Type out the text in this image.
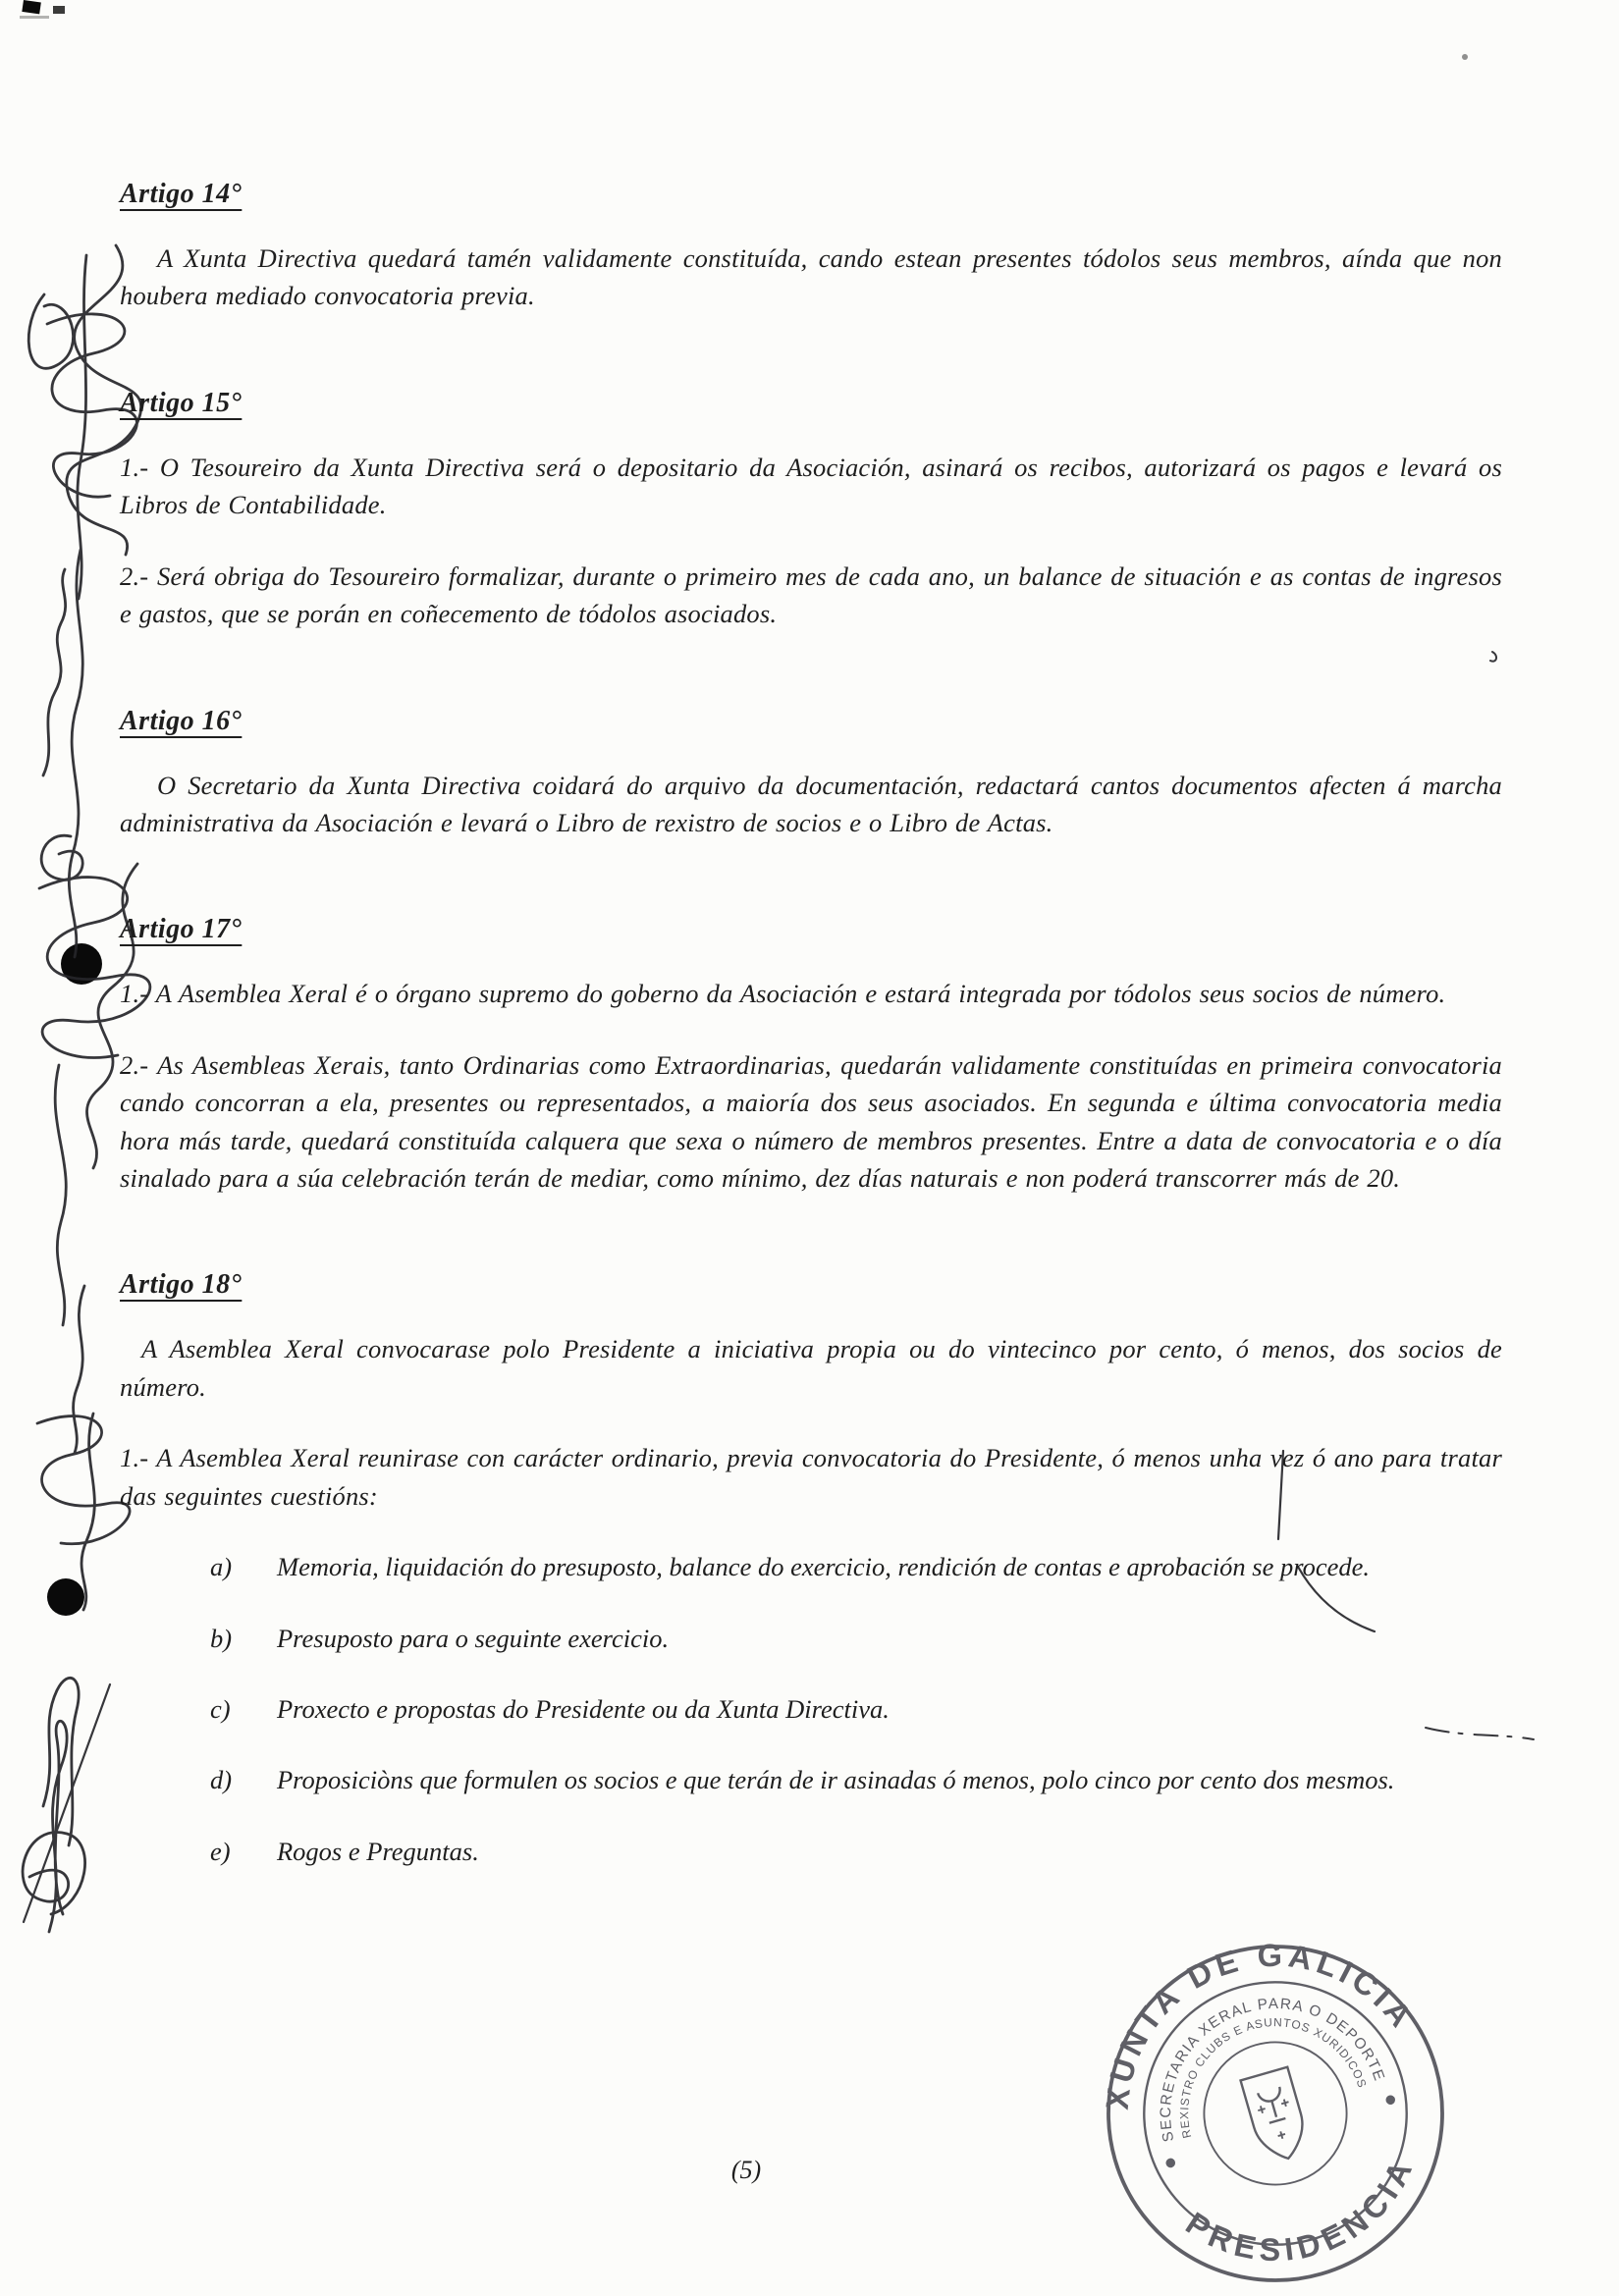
Artigo 14°

A Xunta Directiva quedará tamén validamente constituída, cando estean presentes tódolos seus membros, aínda que non houbera mediado convocatoria previa.

Artigo 15°

1.- O Tesoureiro da Xunta Directiva será o depositario da Asociación, asinará os recibos, autorizará os pagos e levará os Libros de Contabilidade.

2.- Será obriga do Tesoureiro formalizar, durante o primeiro mes de cada ano, un balance de situación e as contas de ingresos e gastos, que se porán en coñecemento de tódolos asociados.

Artigo 16°

O Secretario da Xunta Directiva coidará do arquivo da documentación, redactará cantos documentos afecten á marcha administrativa da Asociación e levará o Libro de rexistro de socios e o Libro de Actas.

Artigo 17°

1.- A Asemblea Xeral é o órgano supremo do goberno da Asociación e estará integrada por tódolos seus socios de número.

2.- As Asembleas Xerais, tanto Ordinarias como Extraordinarias, quedarán validamente constituídas en primeira convocatoria cando concorran a ela, presentes ou representados, a maioría dos seus asociados. En segunda e última convocatoria media hora más tarde, quedará constituída calquera que sexa o número de membros presentes. Entre a data de convocatoria e o día sinalado para a súa celebración terán de mediar, como mínimo, dez días naturais e non poderá transcorrer más de 20.

Artigo 18°

A Asemblea Xeral convocarase polo Presidente a iniciativa propia ou do vintecinco por cento, ó menos, dos socios de número.

1.- A Asemblea Xeral reunirase con carácter ordinario, previa convocatoria do Presidente, ó menos unha vez ó ano para tratar das seguintes cuestións:

a) Memoria, liquidación do presuposto, balance do exercicio, rendición de contas e aprobación se procede.
b) Presuposto para o seguinte exercicio.
c) Proxecto e propostas do Presidente ou da Xunta Directiva.
d) Proposiciòns que formulen os socios e que terán de ir asinadas ó menos, polo cinco por cento dos mesmos.
e) Rogos e Preguntas.
(5)
XUNTA DE GALICIA
PRESIDENCIA
SECRETARIA XERAL PARA O DEPORTE
REXISTRO CLUBS E ASUNTOS XURIDICOS
